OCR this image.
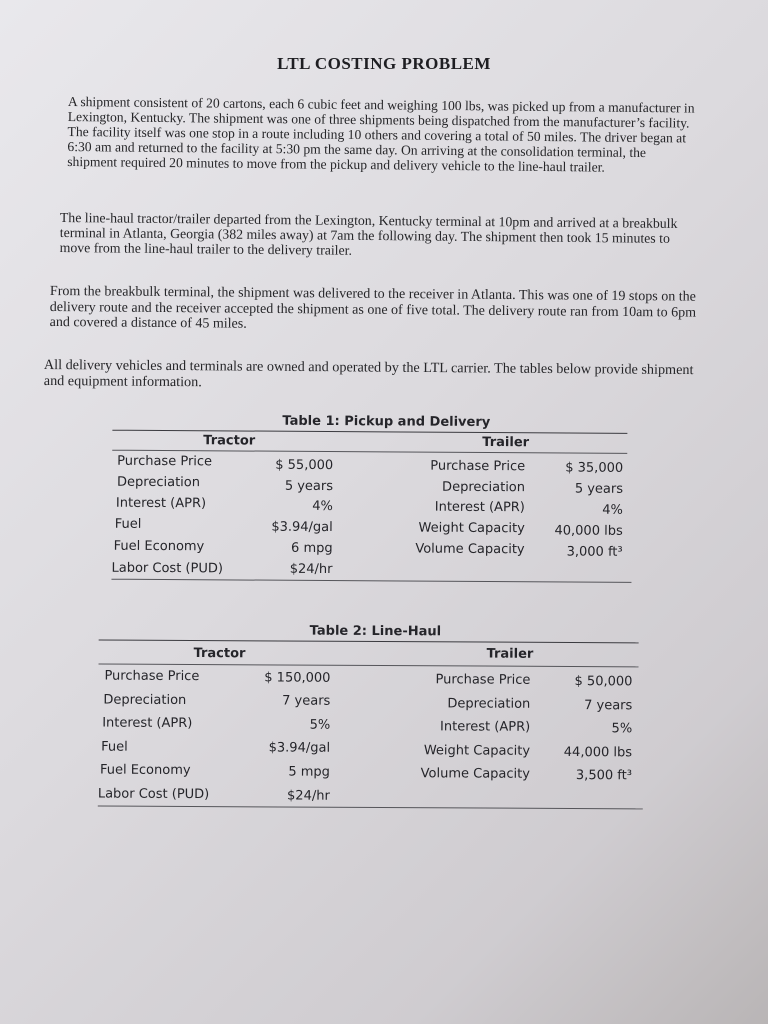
LTL COSTING PROBLEM

A shipment consistent of 20 cartons, each 6 cubic feet and weighing 100 lbs, was picked up from a manufacturer in Lexington, Kentucky. The shipment was one of three shipments being dispatched from the manufacturer’s facility. The facility itself was one stop in a route including 10 others and covering a total of 50 miles. The driver began at 6:30 am and returned to the facility at 5:30 pm the same day. On arriving at the consolidation terminal, the shipment required 20 minutes to move from the pickup and delivery vehicle to the line-haul trailer.

The line-haul tractor/trailer departed from the Lexington, Kentucky terminal at 10pm and arrived at a breakbulk terminal in Atlanta, Georgia (382 miles away) at 7am the following day. The shipment then took 15 minutes to move from the line-haul trailer to the delivery trailer.

From the breakbulk terminal, the shipment was delivered to the receiver in Atlanta. This was one of 19 stops on the delivery route and the receiver accepted the shipment as one of five total. The delivery route ran from 10am to 6pm and covered a distance of 45 miles.

All delivery vehicles and terminals are owned and operated by the LTL carrier. The tables below provide shipment and equipment information.

Table 1: Pickup and Delivery
Tractor	Trailer
Purchase Price
Depreciation
Interest (APR)
Fuel
Fuel Economy
Labor Cost (PUD)
$ 55,000
5 years
4%
$3.94/gal
6 mpg
$24/hr
Purchase Price
Depreciation
Interest (APR)
Weight Capacity
Volume Capacity
$ 35,000
5 years
4%
40,000 lbs
3,000 ft³
Table 2: Line-Haul
Tractor	Trailer
Purchase Price
Depreciation
Interest (APR)
Fuel
Fuel Economy
Labor Cost (PUD)
$ 150,000
7 years
5%
$3.94/gal
5 mpg
$24/hr
Purchase Price
Depreciation
Interest (APR)
Weight Capacity
Volume Capacity
$ 50,000
7 years
5%
44,000 lbs
3,500 ft³
